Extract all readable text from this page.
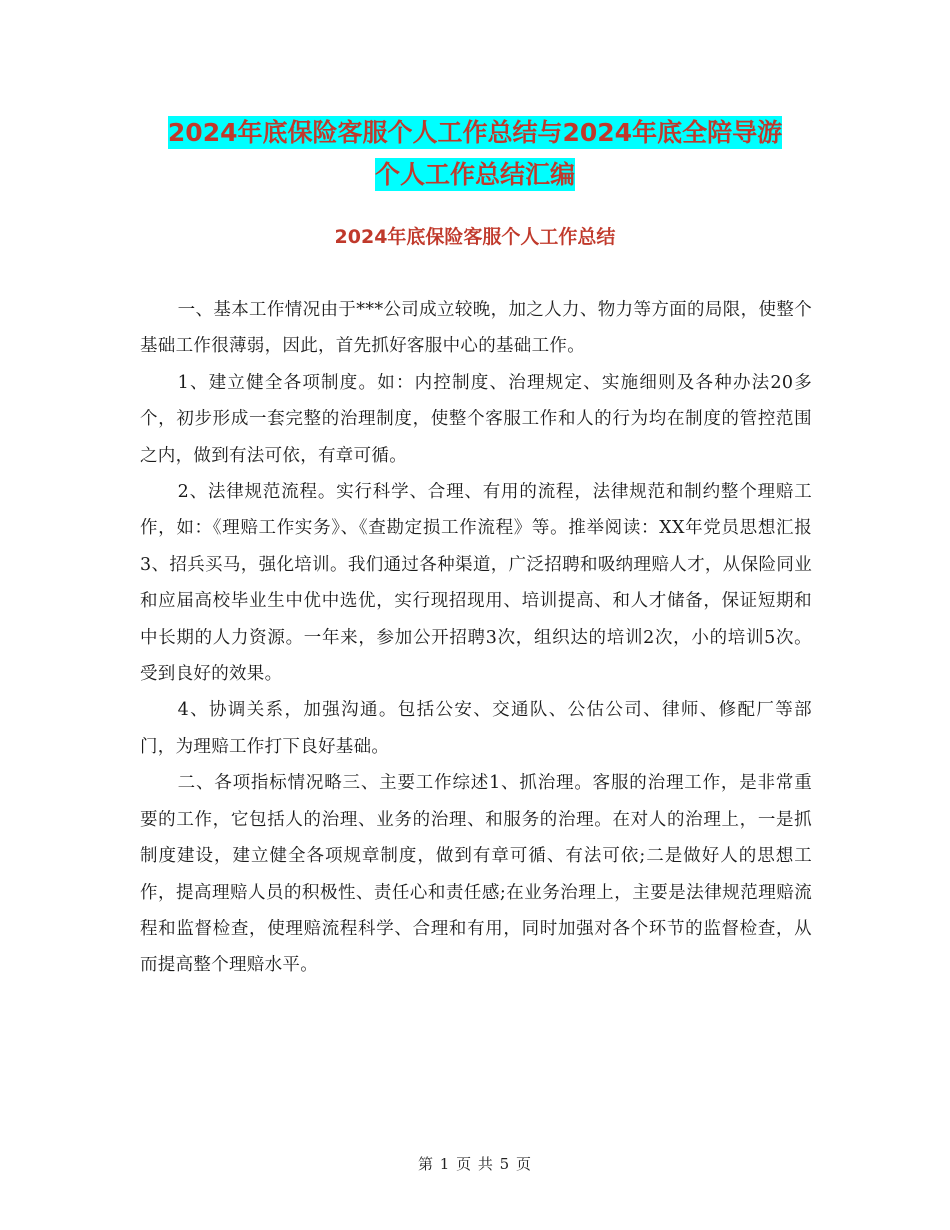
2024年底保险客服个人工作总结与2024年底全陪导游
个人工作总结汇编
2024年底保险客服个人工作总结

一、基本工作情况由于***公司成立较晚，加之人力、物力等方面的局限，使整个基础工作很薄弱，因此，首先抓好客服中心的基础工作。

1、建立健全各项制度。如：内控制度、治理规定、实施细则及各种办法20多个，初步形成一套完整的治理制度，使整个客服工作和人的行为均在制度的管控范围之内，做到有法可依，有章可循。

2、法律规范流程。实行科学、合理、有用的流程，法律规范和制约整个理赔工作，如：《理赔工作实务》、《查勘定损工作流程》等。推举阅读：XX年党员思想汇报3、招兵买马，强化培训。我们通过各种渠道，广泛招聘和吸纳理赔人才，从保险同业和应届高校毕业生中优中选优，实行现招现用、培训提高、和人才储备，保证短期和中长期的人力资源。一年来，参加公开招聘3次，组织达的培训2次，小的培训5次。受到良好的效果。

4、协调关系，加强沟通。包括公安、交通队、公估公司、律师、修配厂等部门，为理赔工作打下良好基础。

二、各项指标情况略三、主要工作综述1、抓治理。客服的治理工作，是非常重要的工作，它包括人的治理、业务的治理、和服务的治理。在对人的治理上，一是抓制度建设，建立健全各项规章制度，做到有章可循、有法可依;二是做好人的思想工作，提高理赔人员的积极性、责任心和责任感;在业务治理上，主要是法律规范理赔流程和监督检查，使理赔流程科学、合理和有用，同时加强对各个环节的监督检查，从而提高整个理赔水平。

第 1 页 共 5 页
